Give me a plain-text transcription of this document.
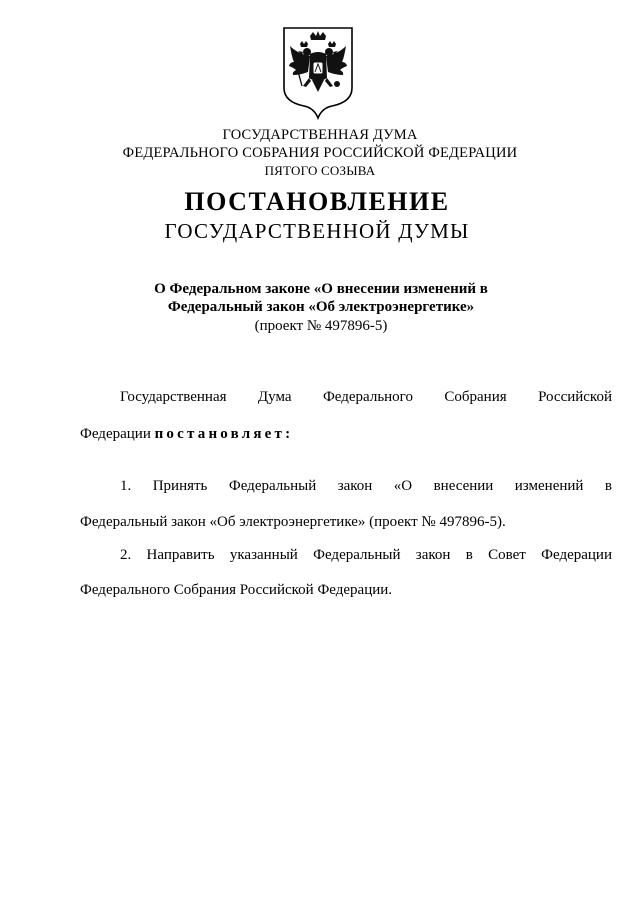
ГОСУДАРСТВЕННАЯ ДУМА
ФЕДЕРАЛЬНОГО СОБРАНИЯ РОССИЙСКОЙ ФЕДЕРАЦИИ
ПЯТОГО СОЗЫВА
ПОСТАНОВЛЕНИЕ
ГОСУДАРСТВЕННОЙ ДУМЫ
О Федеральном законе «О внесении изменений в
Федеральный закон «Об электроэнергетике»
(проект № 497896-5)
Государственная Дума Федерального Собрания Российской
Федерации постановляет:
1. Принять Федеральный закон «О внесении изменений в
Федеральный закон «Об электроэнергетике» (проект № 497896-5).
2. Направить указанный Федеральный закон в Совет Федерации
Федерального Собрания Российской Федерации.
